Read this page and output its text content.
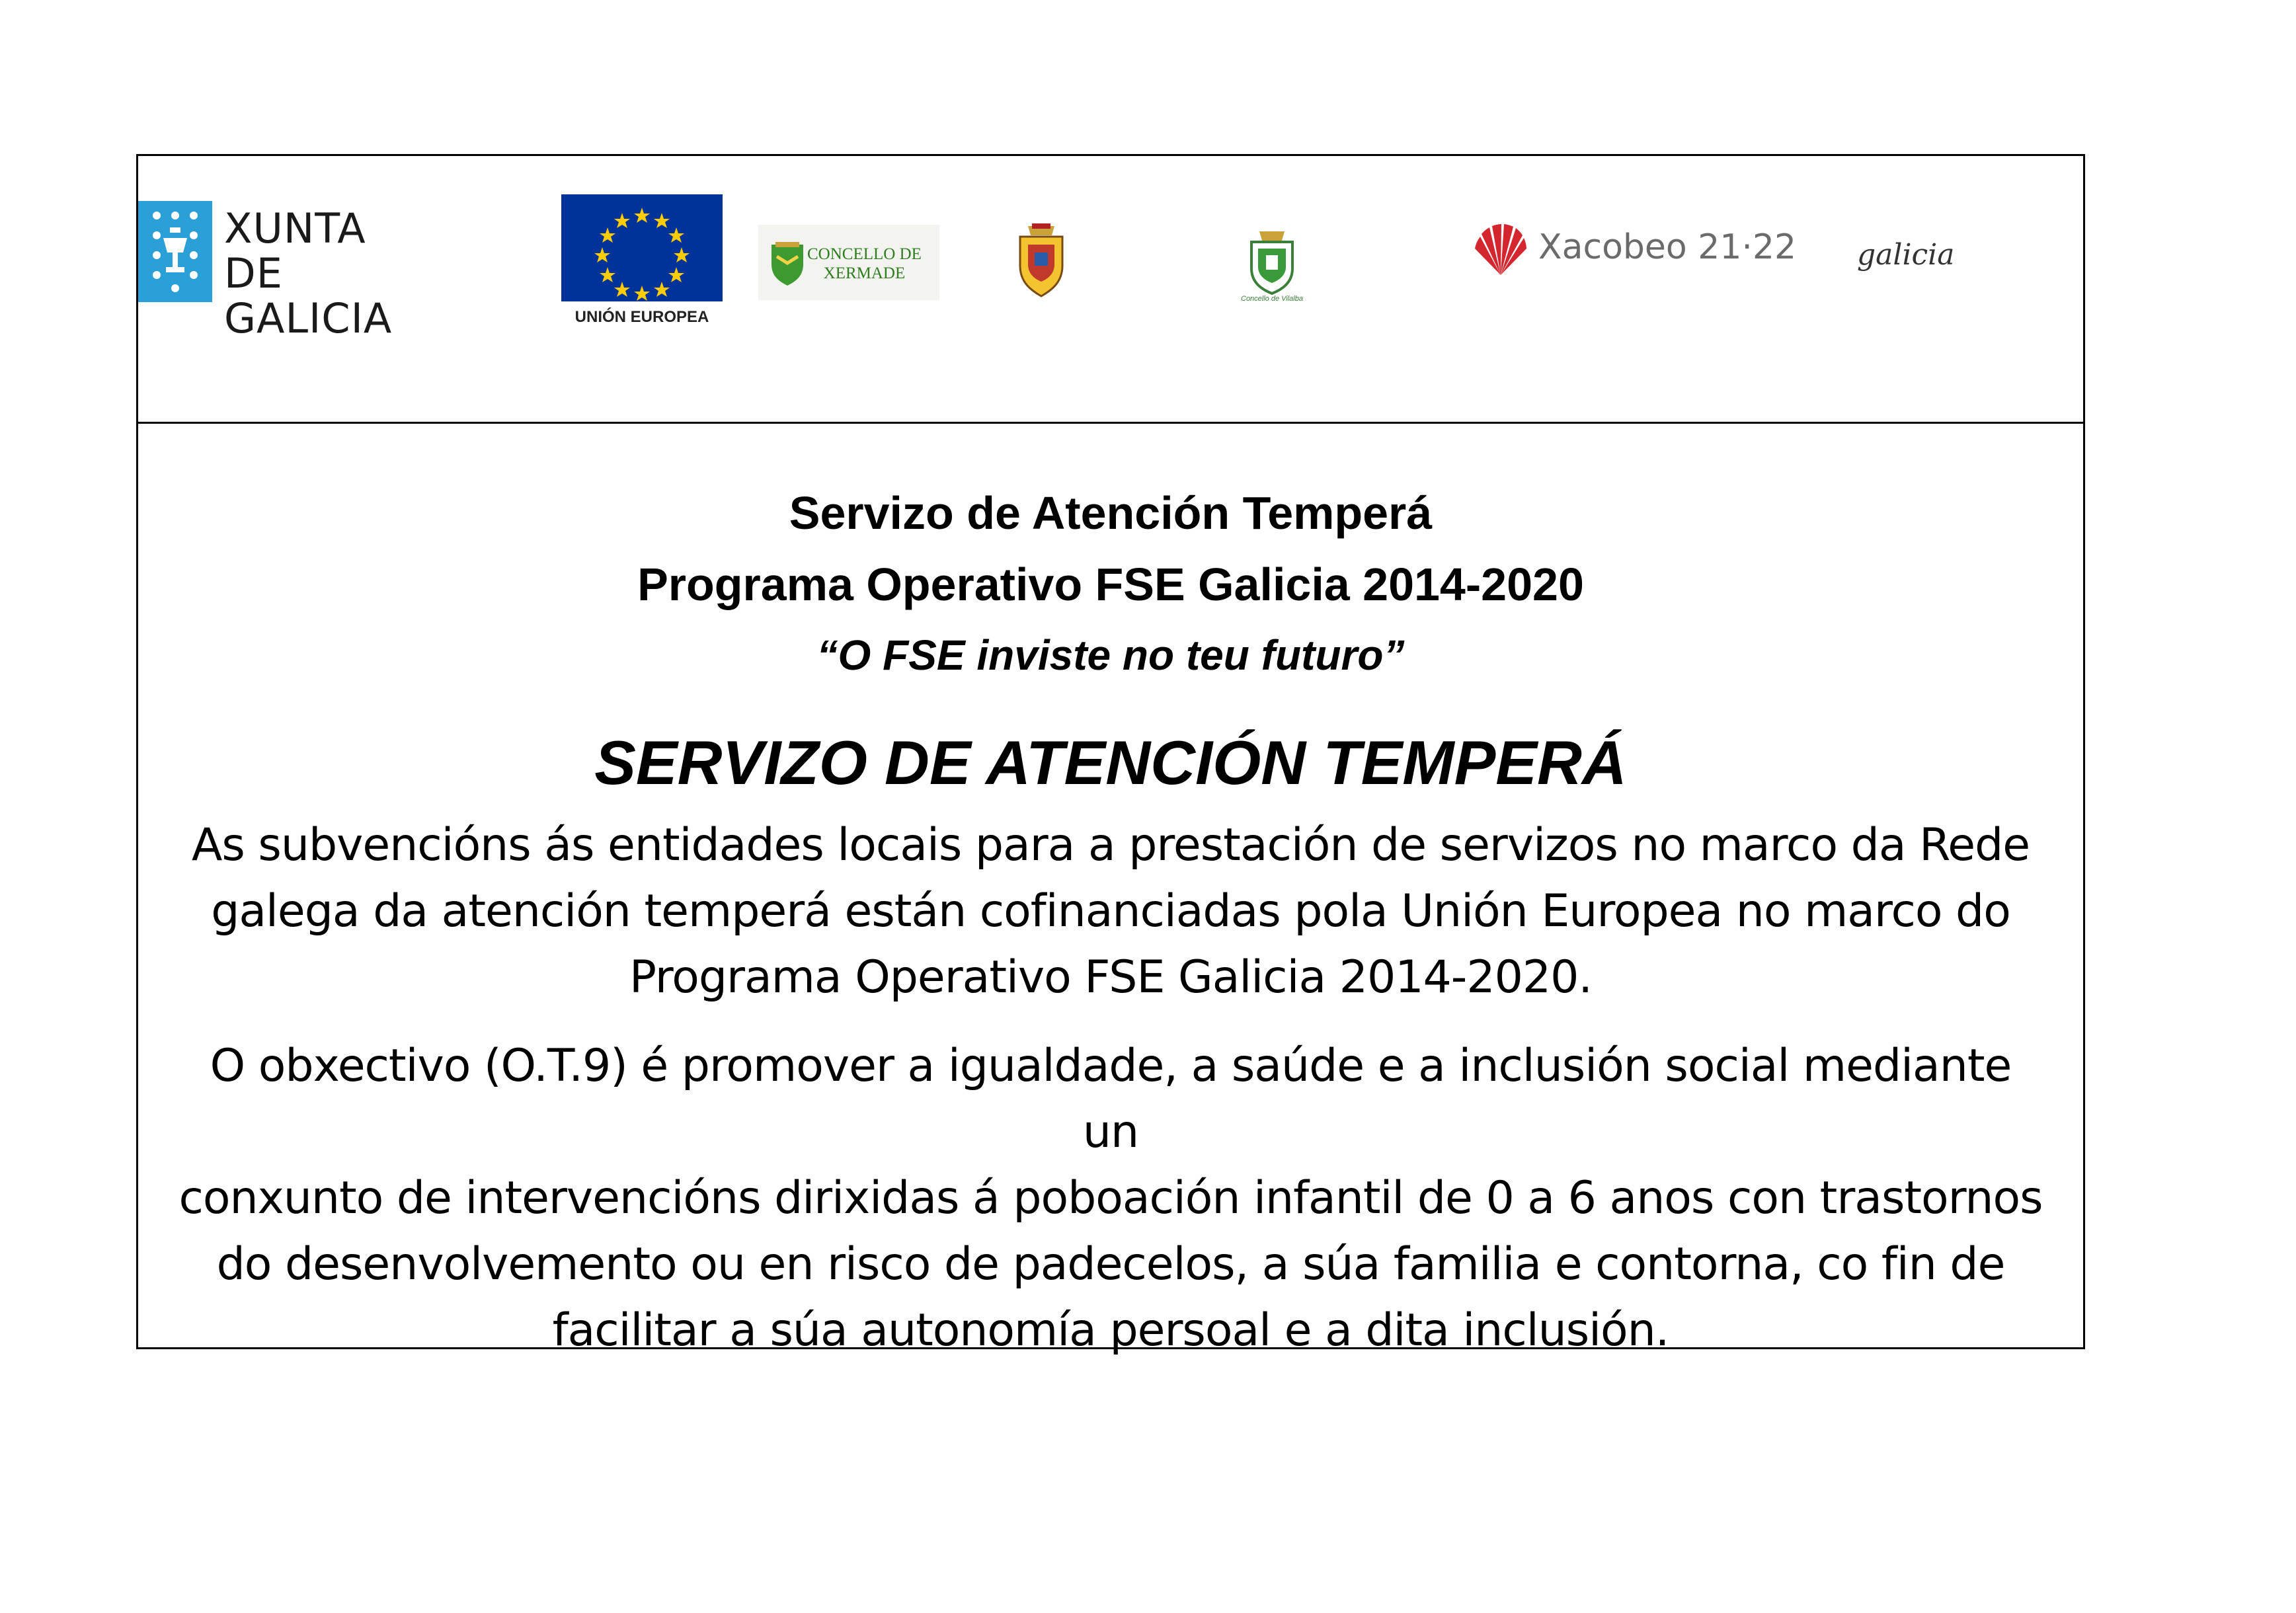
XUNTA
DE GALICIA	UNIÓN EUROPEA
CONCELLO DE
XERMADE
Concello de Vilalba
Xacobeo 21·22 galicia

Servizo de Atención Temperá

Programa Operativo FSE Galicia 2014-2020

“O FSE inviste no teu futuro”

SERVIZO DE ATENCIÓN TEMPERÁ

As subvencións ás entidades locais para a prestación de servizos no marco da Rede
galega da atención temperá están cofinanciadas pola Unión Europea no marco do
Programa Operativo FSE Galicia 2014-2020.
O obxectivo (O.T.9) é promover a igualdade, a saúde e a inclusión social mediante un
conxunto de intervencións dirixidas á poboación infantil de 0 a 6 anos con trastornos
do desenvolvemento ou en risco de padecelos, a súa familia e contorna, co fin de
facilitar a súa autonomía persoal e a dita inclusión.
